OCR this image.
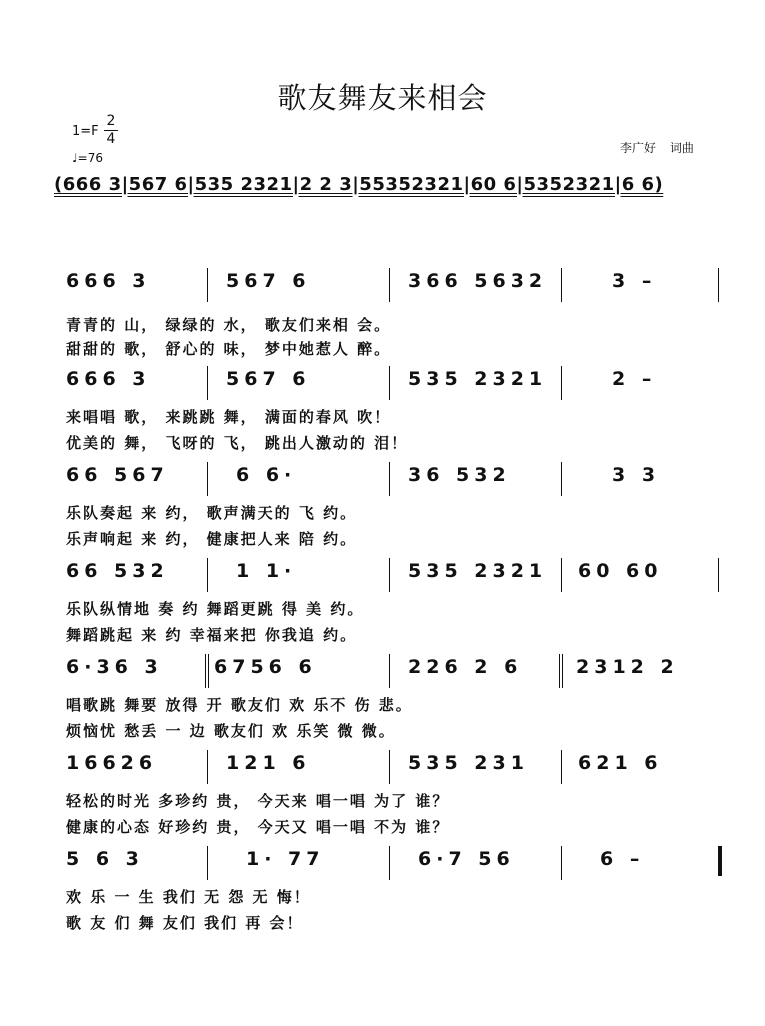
歌友舞友来相会
1=F
2
4
♩=76
李广好 词曲
(666 3|567 6|535 2321|2 2 3|55352321|60 6|5352321|6 6)
666 3	567 6	366 5632	3 –
青青的 山， 绿绿的 水， 歌友们来相 会。
甜甜的 歌， 舒心的 味， 梦中她惹人 醉。
666 3	567 6	535 2321	2 –
来唱唱 歌， 来跳跳 舞， 满面的春风 吹！
优美的 舞， 飞呀的 飞， 跳出人激动的 泪！
66 567	6 6·	36 532	3 3
乐队奏起 来 约， 歌声满天的 飞 约。
乐声响起 来 约， 健康把人来 陪 约。
66 532	1 1·	535 2321 60 60
乐队纵情地 奏 约 舞蹈更跳 得 美 约。
舞蹈跳起 来 约 幸福来把 你我追 约。
6·36 3	6756 6	226 2 6	2312 2
唱歌跳 舞要 放得 开 歌友们 欢 乐不 伤 悲。
烦恼忧 愁丢 一 边 歌友们 欢 乐笑 微 微。
16626	121 6	535 231	621 6
轻松的时光 多珍约 贵， 今天来 唱一唱 为了 谁？
健康的心态 好珍约 贵， 今天又 唱一唱 不为 谁？
5 6 3	1· 77	6·7 56	6 –
欢 乐 一 生 我们 无 怨 无 悔！
歌 友 们 舞 友们 我们 再 会！
